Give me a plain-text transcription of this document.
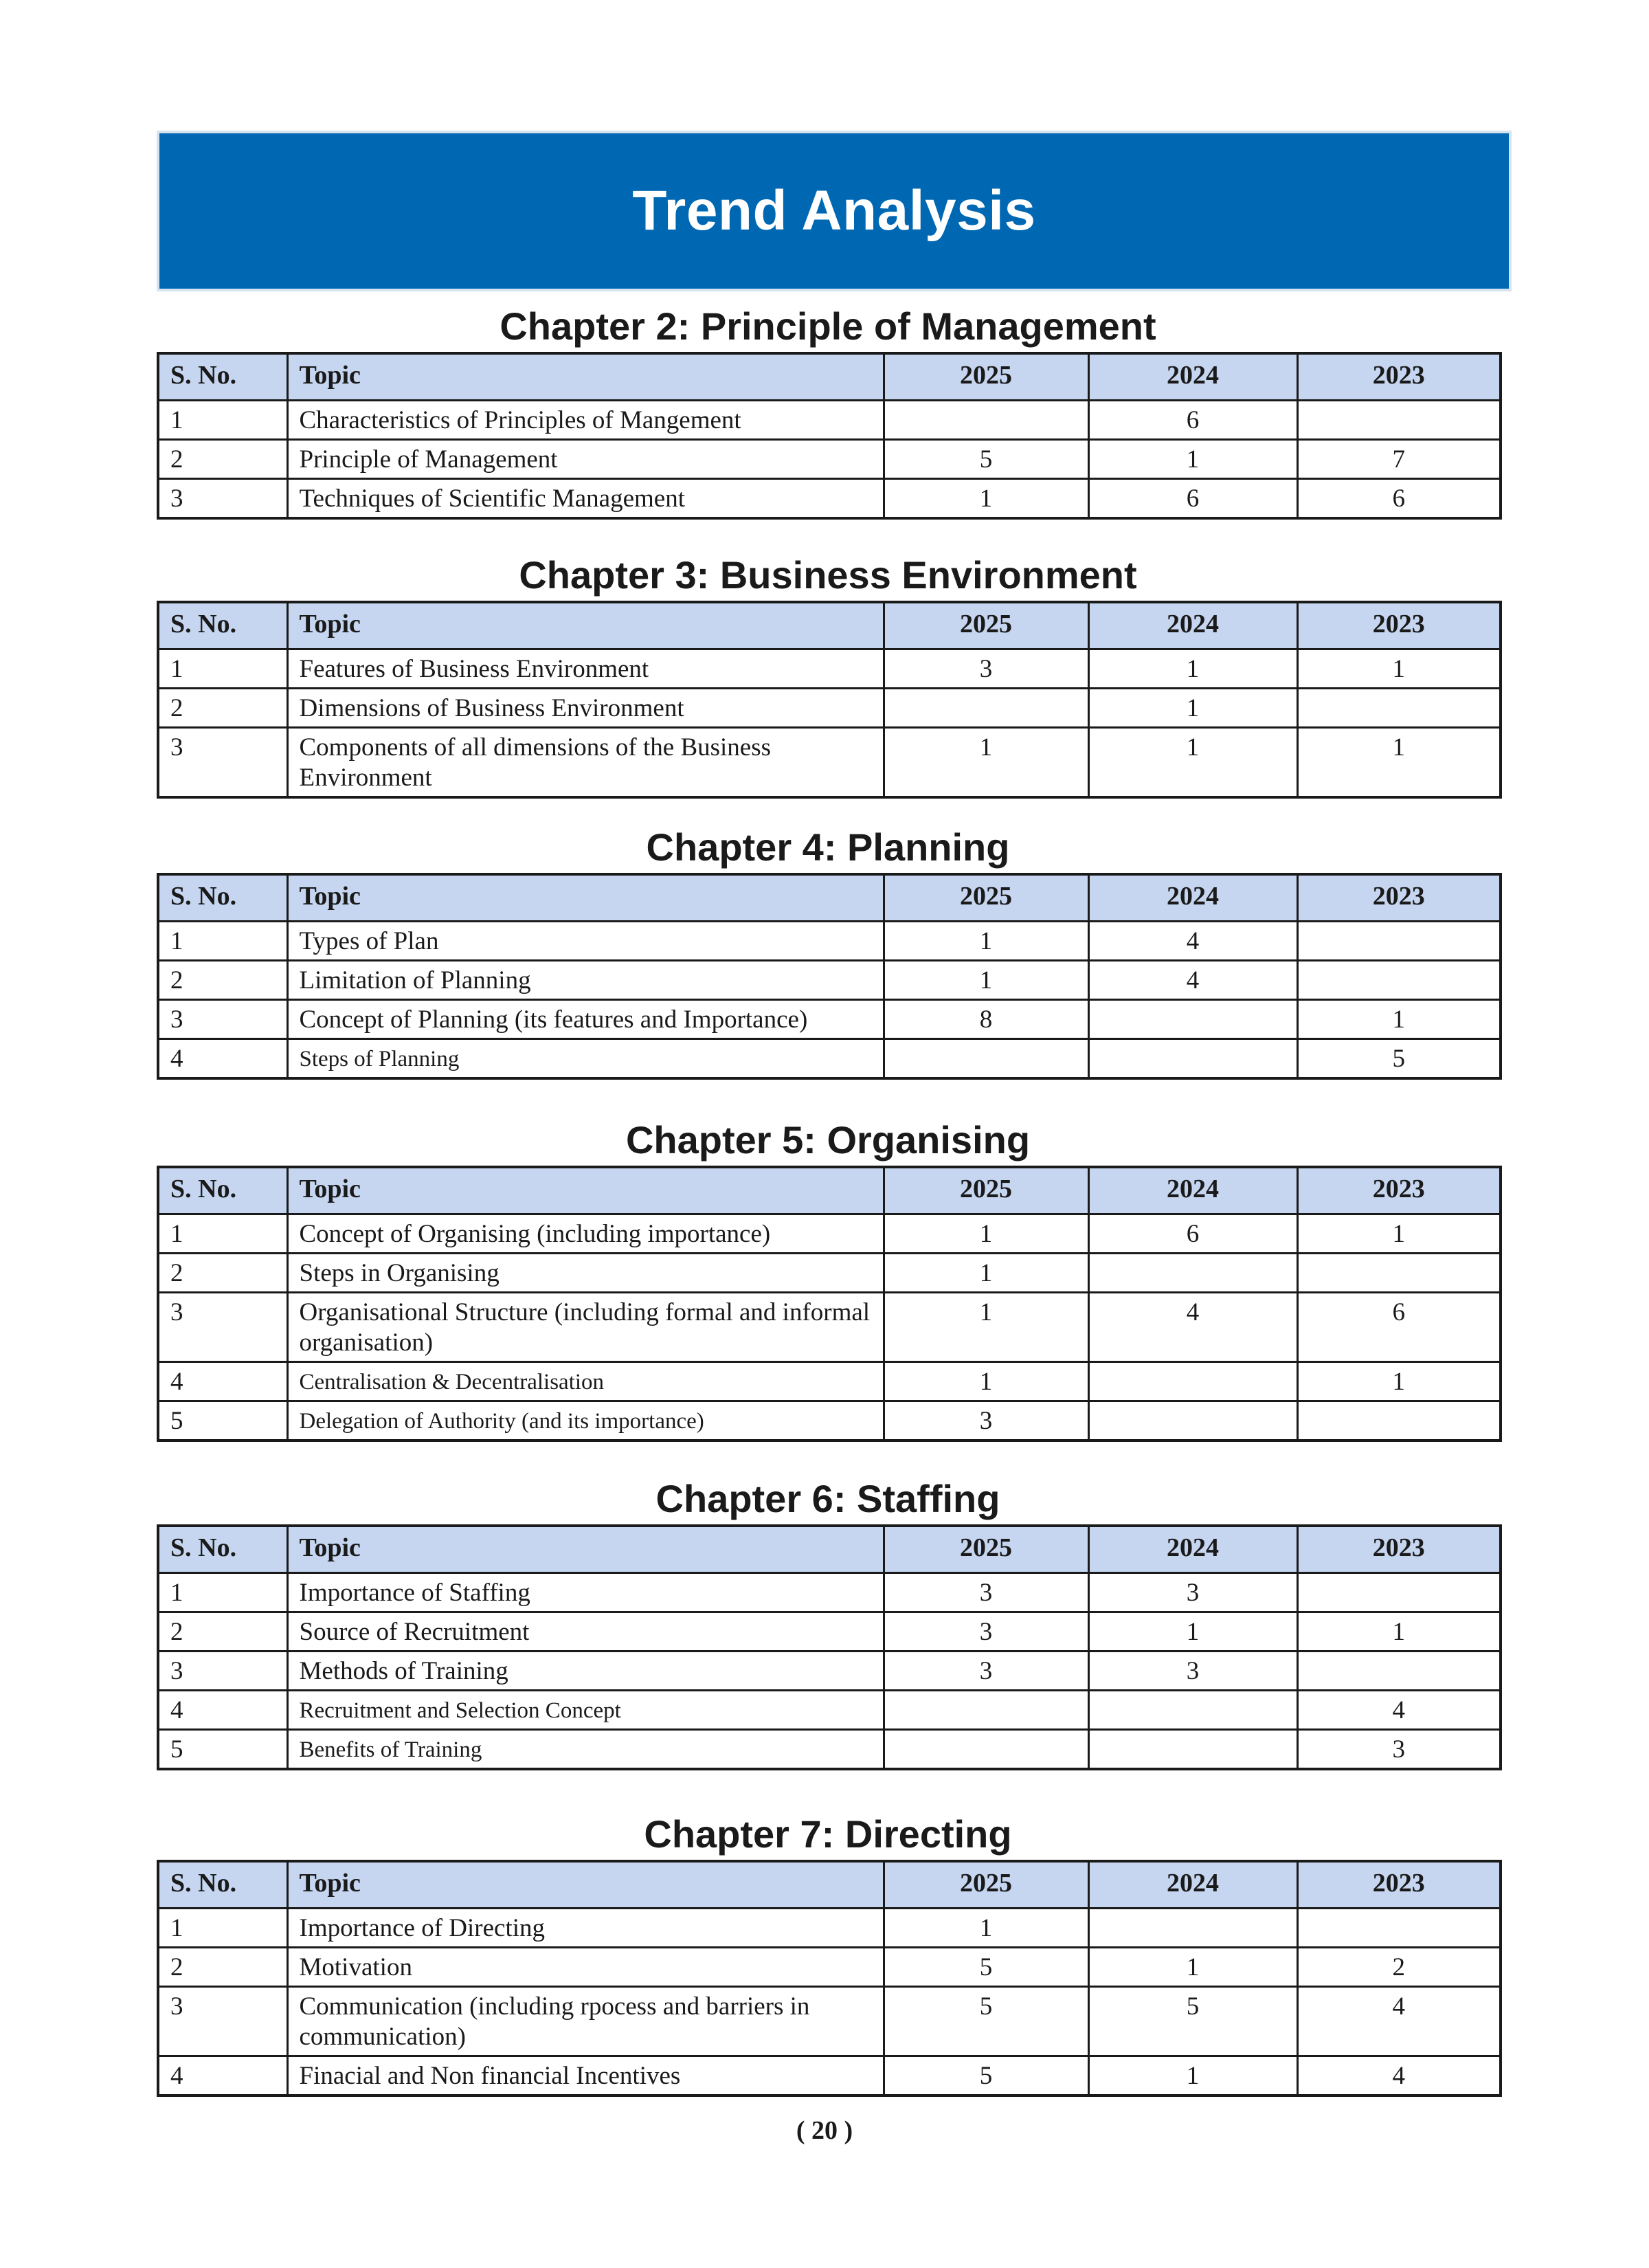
Trend Analysis
Chapter 2: Principle of Management
S. No.	Topic	2025	2024	2023
1	Characteristics of Principles of Mangement		6	
2	Principle of Management	5	1	7
3	Techniques of Scientific Management	1	6	6
Chapter 3: Business Environment
S. No.	Topic	2025	2024	2023
1	Features of Business Environment	3	1	1
2	Dimensions of Business Environment		1	
3	Components of all dimensions of the Business Environment	1	1	1
Chapter 4: Planning
S. No.	Topic	2025	2024	2023
1	Types of Plan	1	4	
2	Limitation of Planning	1	4	
3	Concept of Planning (its features and Importance)	8		1
4	Steps of Planning			5
Chapter 5: Organising
S. No.	Topic	2025	2024	2023
1	Concept of Organising (including importance)	1	6	1
2	Steps in Organising	1		
3	Organisational Structure (including formal and informal organisation)	1	4	6
4	Centralisation & Decentralisation	1		1
5	Delegation of Authority (and its importance)	3		
Chapter 6: Staffing
S. No.	Topic	2025	2024	2023
1	Importance of Staffing	3	3	
2	Source of Recruitment	3	1	1
3	Methods of Training	3	3	
4	Recruitment and Selection Concept			4
5	Benefits of Training			3
Chapter 7: Directing
S. No.	Topic	2025	2024	2023
1	Importance of Directing	1		
2	Motivation	5	1	2
3	Communication (including rpocess and barriers in communication)	5	5	4
4	Finacial and Non financial Incentives	5	1	4
( 20 )
